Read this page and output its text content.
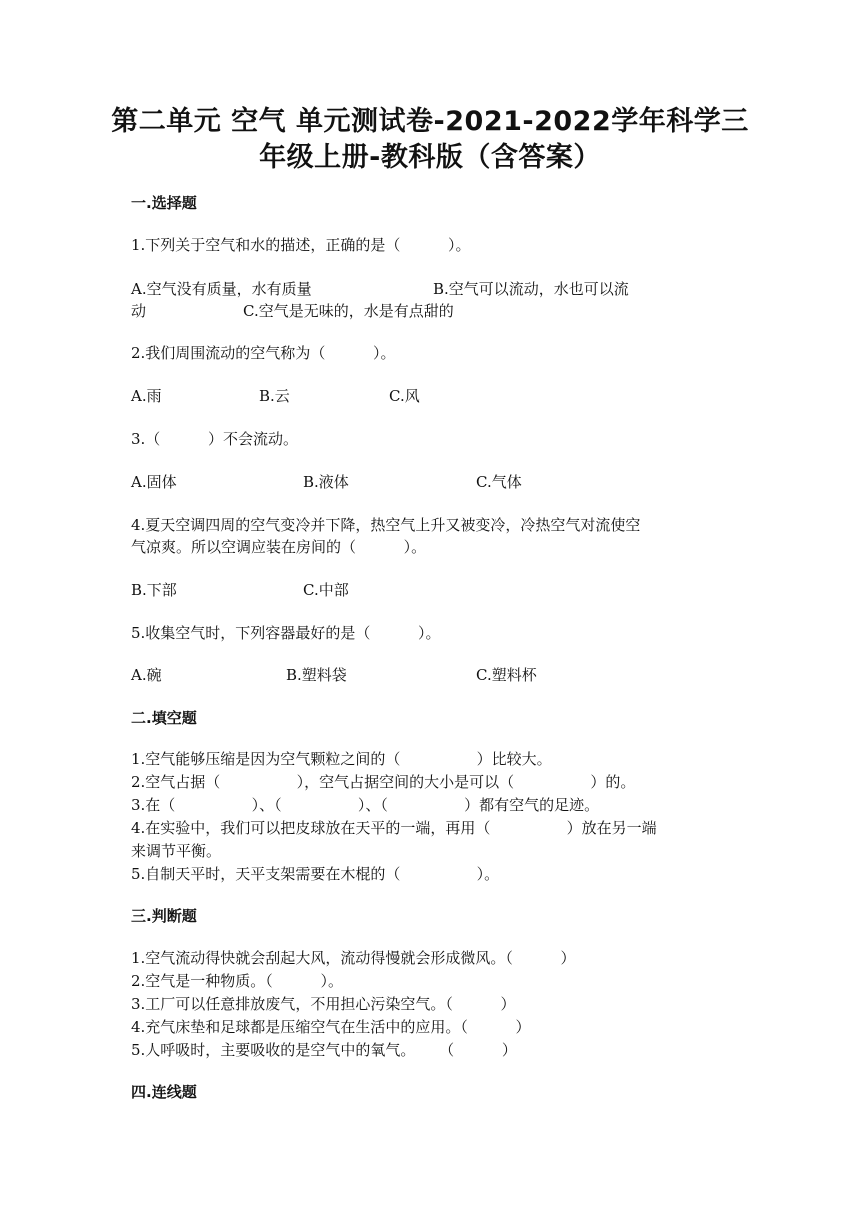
第二单元 空气 单元测试卷-2021-2022学年科学三
年级上册-教科版（含答案）
一.选择题
1.下列关于空气和水的描述，正确的是（          ）。
A.空气没有质量，水有质量	B.空气可以流动，水也可以流
动	C.空气是无味的，水是有点甜的
2.我们周围流动的空气称为（          ）。
A.雨	B.云	C.风
3.（          ）不会流动。
A.固体	B.液体	C.气体
4.夏天空调四周的空气变冷并下降，热空气上升又被变冷，冷热空气对流使空
气凉爽。所以空调应装在房间的（          ）。
B.下部	C.中部
5.收集空气时，下列容器最好的是（          ）。
A.碗	B.塑料袋	C.塑料杯
二.填空题
1.空气能够压缩是因为空气颗粒之间的（                ）比较大。
2.空气占据（                ），空气占据空间的大小是可以（                ）的。
3.在（                ）、（                ）、（                ）都有空气的足迹。
4.在实验中，我们可以把皮球放在天平的一端，再用（                ）放在另一端
来调节平衡。
5.自制天平时，天平支架需要在木棍的（                ）。
三.判断题
1.空气流动得快就会刮起大风，流动得慢就会形成微风。（          ）
2.空气是一种物质。（          ）。
3.工厂可以任意排放废气，不用担心污染空气。（          ）
4.充气床垫和足球都是压缩空气在生活中的应用。（          ）
5.人呼吸时，主要吸收的是空气中的氧气。     （          ）
四.连线题
